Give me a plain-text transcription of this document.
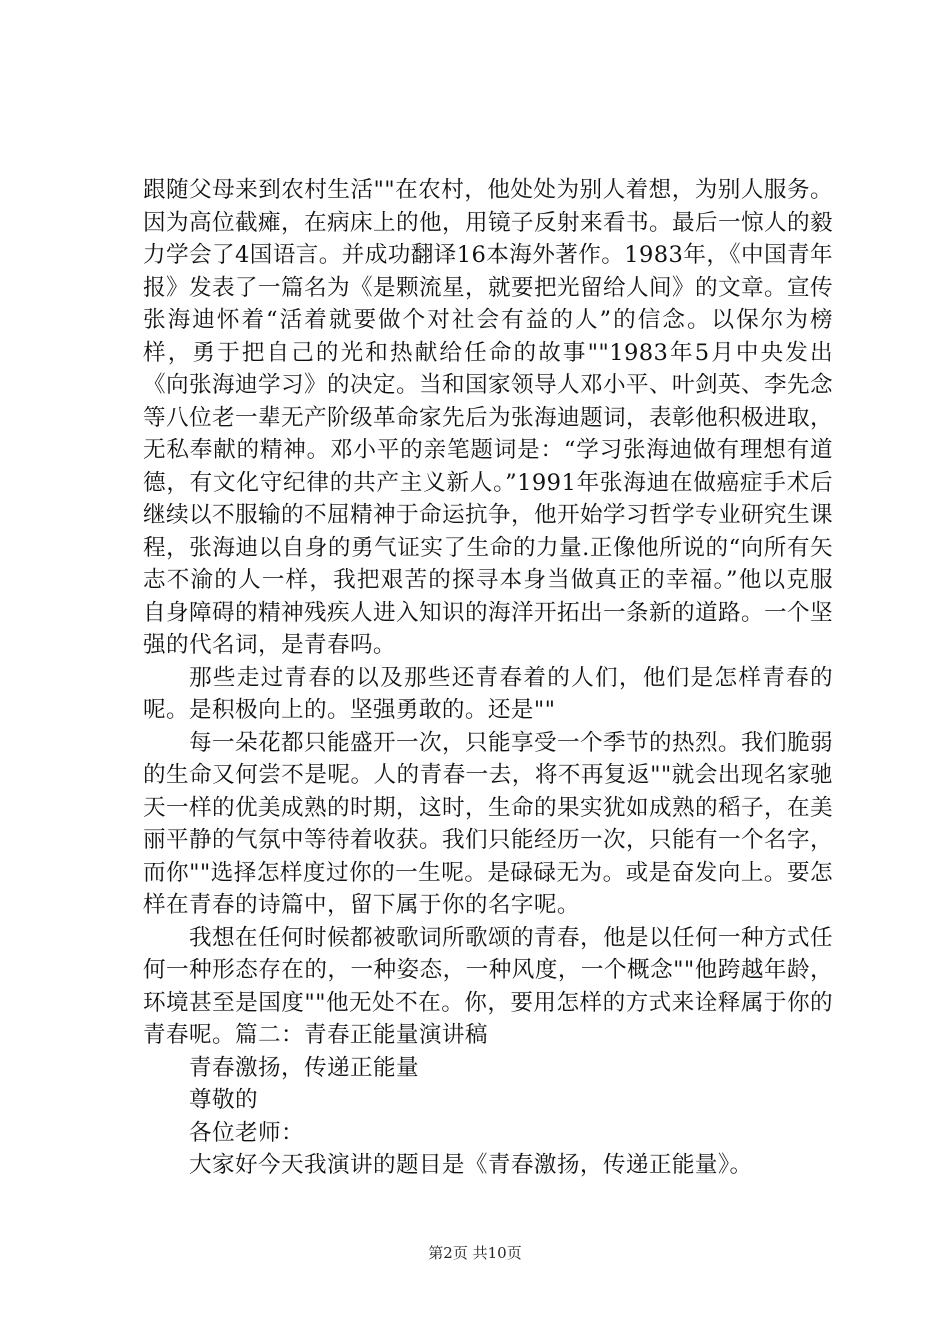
跟随父母来到农村生活""在农村，他处处为别人着想，为别人服务。因为高位截瘫，在病床上的他，用镜子反射来看书。最后一惊人的毅力学会了4国语言。并成功翻译16本海外著作。1983年，《中国青年报》发表了一篇名为《是颗流星，就要把光留给人间》的文章。宣传张海迪怀着“活着就要做个对社会有益的人”的信念。以保尔为榜样，勇于把自己的光和热献给任命的故事""1983年5月中央发出《向张海迪学习》的决定。当和国家领导人邓小平、叶剑英、李先念等八位老一辈无产阶级革命家先后为张海迪题词，表彰他积极进取，无私奉献的精神。邓小平的亲笔题词是：“学习张海迪做有理想有道德，有文化守纪律的共产主义新人。”1991年张海迪在做癌症手术后继续以不服输的不屈精神于命运抗争，他开始学习哲学专业研究生课程，张海迪以自身的勇气证实了生命的力量.正像他所说的“向所有矢志不渝的人一样，我把艰苦的探寻本身当做真正的幸福。”他以克服自身障碍的精神残疾人进入知识的海洋开拓出一条新的道路。一个坚强的代名词，是青春吗。

那些走过青春的以及那些还青春着的人们，他们是怎样青春的呢。是积极向上的。坚强勇敢的。还是""

每一朵花都只能盛开一次，只能享受一个季节的热烈。我们脆弱的生命又何尝不是呢。人的青春一去，将不再复返""就会出现名家驰天一样的优美成熟的时期，这时，生命的果实犹如成熟的稻子，在美丽平静的气氛中等待着收获。我们只能经历一次，只能有一个名字，而你""选择怎样度过你的一生呢。是碌碌无为。或是奋发向上。要怎样在青春的诗篇中，留下属于你的名字呢。

我想在任何时候都被歌词所歌颂的青春，他是以任何一种方式任何一种形态存在的，一种姿态，一种风度，一个概念""他跨越年龄，环境甚至是国度""他无处不在。你，要用怎样的方式来诠释属于你的青春呢。篇二：青春正能量演讲稿

青春激扬，传递正能量

尊敬的

各位老师：

大家好今天我演讲的题目是《青春激扬，传递正能量》。

第2页 共10页
